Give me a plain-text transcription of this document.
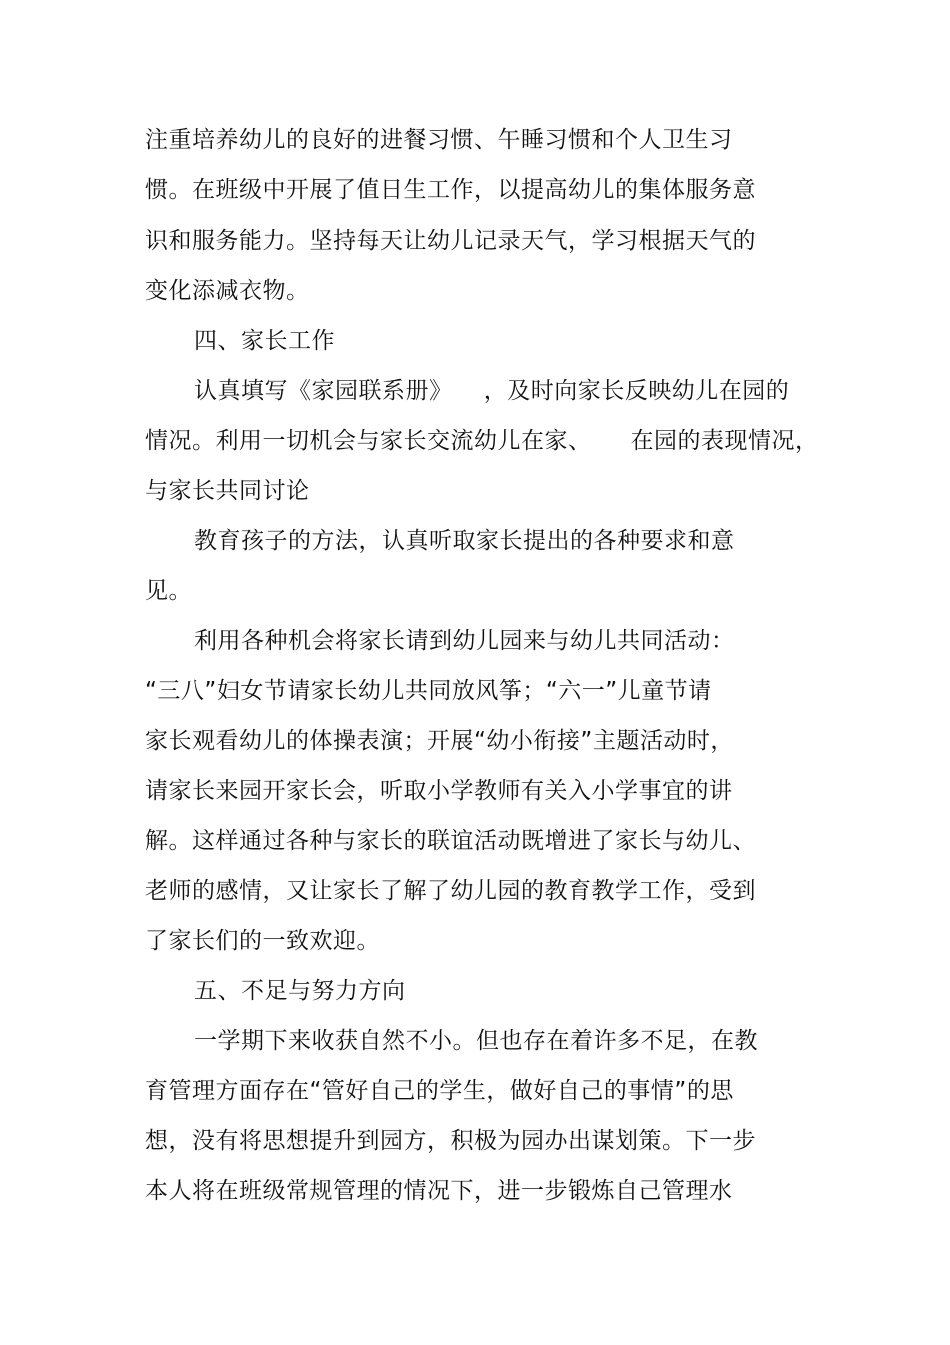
注重培养幼儿的良好的进餐习惯、午睡习惯和个人卫生习
惯。在班级中开展了值日生工作，以提高幼儿的集体服务意
识和服务能力。坚持每天让幼儿记录天气，学习根据天气的
变化添减衣物。
四、家长工作
认真填写《家园联系册》    ，及时向家长反映幼儿在园的
情况。利用一切机会与家长交流幼儿在家、     在园的表现情况，
与家长共同讨论
教育孩子的方法，认真听取家长提出的各种要求和意
见。
利用各种机会将家长请到幼儿园来与幼儿共同活动：
“三八”妇女节请家长幼儿共同放风筝；“六一”儿童节请
家长观看幼儿的体操表演；开展“幼小衔接”主题活动时，
请家长来园开家长会，听取小学教师有关入小学事宜的讲
解。这样通过各种与家长的联谊活动既增进了家长与幼儿、
老师的感情，又让家长了解了幼儿园的教育教学工作，受到
了家长们的一致欢迎。
五、不足与努力方向
一学期下来收获自然不小。但也存在着许多不足，在教
育管理方面存在“管好自己的学生，做好自己的事情”的思
想，没有将思想提升到园方，积极为园办出谋划策。下一步
本人将在班级常规管理的情况下，进一步锻炼自己管理水
